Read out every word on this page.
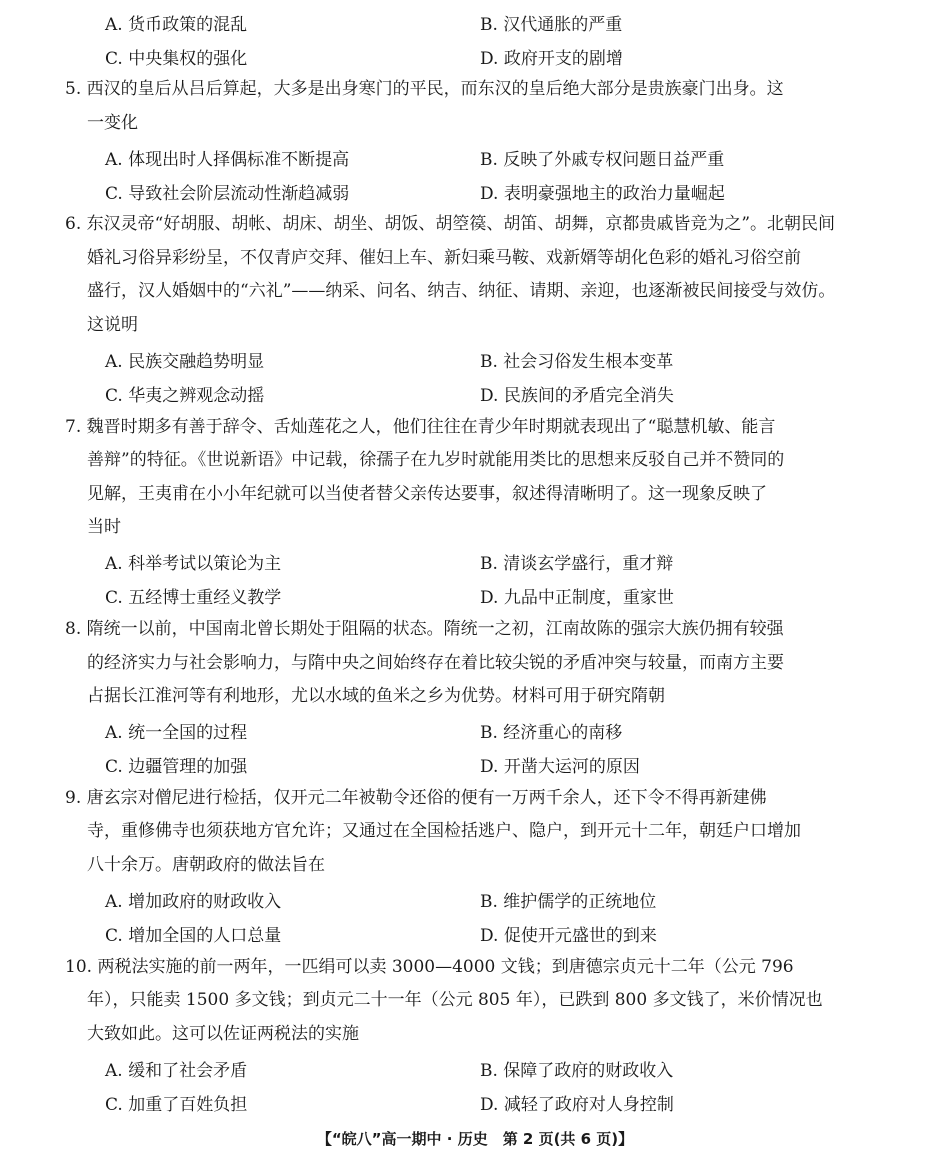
A. 货币政策的混乱	B. 汉代通胀的严重
C. 中央集权的强化	D. 政府开支的剧增
5. 西汉的皇后从吕后算起，大多是出身寒门的平民，而东汉的皇后绝大部分是贵族豪门出身。这
一变化
A. 体现出时人择偶标准不断提高	B. 反映了外戚专权问题日益严重
C. 导致社会阶层流动性渐趋减弱	D. 表明豪强地主的政治力量崛起
6. 东汉灵帝“好胡服、胡帐、胡床、胡坐、胡饭、胡箜篌、胡笛、胡舞，京都贵戚皆竞为之”。北朝民间
婚礼习俗异彩纷呈，不仅青庐交拜、催妇上车、新妇乘马鞍、戏新婿等胡化色彩的婚礼习俗空前
盛行，汉人婚姻中的“六礼”——纳采、问名、纳吉、纳征、请期、亲迎，也逐渐被民间接受与效仿。
这说明
A. 民族交融趋势明显	B. 社会习俗发生根本变革
C. 华夷之辨观念动摇	D. 民族间的矛盾完全消失
7. 魏晋时期多有善于辞令、舌灿莲花之人，他们往往在青少年时期就表现出了“聪慧机敏、能言
善辩”的特征。《世说新语》中记载，徐孺子在九岁时就能用类比的思想来反驳自己并不赞同的
见解，王夷甫在小小年纪就可以当使者替父亲传达要事，叙述得清晰明了。这一现象反映了
当时
A. 科举考试以策论为主	B. 清谈玄学盛行，重才辩
C. 五经博士重经义教学	D. 九品中正制度，重家世
8. 隋统一以前，中国南北曾长期处于阻隔的状态。隋统一之初，江南故陈的强宗大族仍拥有较强
的经济实力与社会影响力，与隋中央之间始终存在着比较尖锐的矛盾冲突与较量，而南方主要
占据长江淮河等有利地形，尤以水域的鱼米之乡为优势。材料可用于研究隋朝
A. 统一全国的过程	B. 经济重心的南移
C. 边疆管理的加强	D. 开凿大运河的原因
9. 唐玄宗对僧尼进行检括，仅开元二年被勒令还俗的便有一万两千余人，还下令不得再新建佛
寺，重修佛寺也须获地方官允许；又通过在全国检括逃户、隐户，到开元十二年，朝廷户口增加
八十余万。唐朝政府的做法旨在
A. 增加政府的财政收入	B. 维护儒学的正统地位
C. 增加全国的人口总量	D. 促使开元盛世的到来
10. 两税法实施的前一两年，一匹绢可以卖 3000—4000 文钱；到唐德宗贞元十二年（公元 796
年），只能卖 1500 多文钱；到贞元二十一年（公元 805 年），已跌到 800 多文钱了，米价情况也
大致如此。这可以佐证两税法的实施
A. 缓和了社会矛盾	B. 保障了政府的财政收入
C. 加重了百姓负担	D. 减轻了政府对人身控制
【“皖八”高一期中 · 历史　第 2 页(共 6 页)】
